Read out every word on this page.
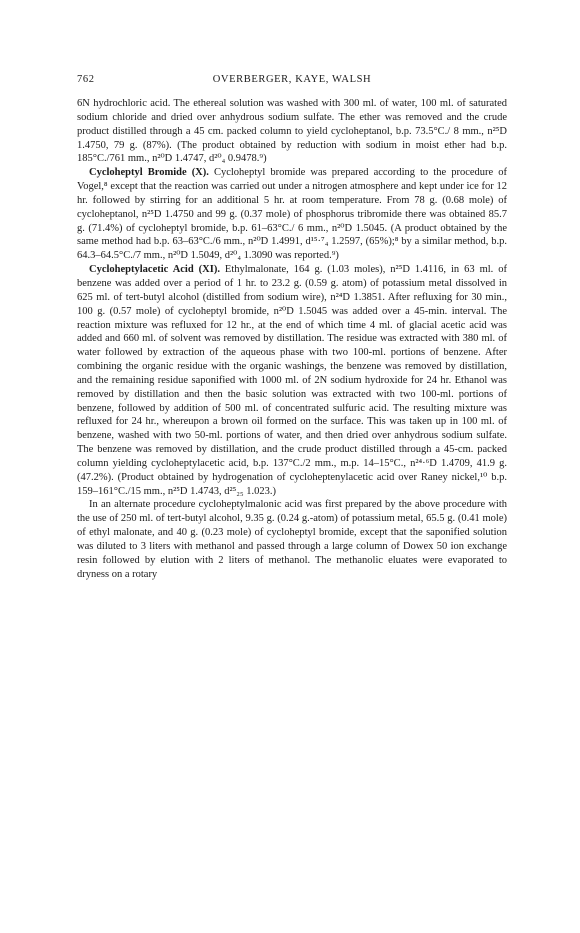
762	OVERBERGER, KAYE, WALSH

6N hydrochloric acid. The ethereal solution was washed with 300 ml. of water, 100 ml. of saturated sodium chloride and dried over anhydrous sodium sulfate. The ether was removed and the crude product distilled through a 45 cm. packed column to yield cycloheptanol, b.p. 73.5°C./ 8 mm., n²⁵D 1.4750, 79 g. (87%). (The product obtained by reduction with sodium in moist ether had b.p. 185°C./761 mm., n²⁰D 1.4747, d²⁰₄ 0.9478.⁹)

Cycloheptyl Bromide (X). Cycloheptyl bromide was prepared according to the procedure of Vogel,⁸ except that the reaction was carried out under a nitrogen atmosphere and kept under ice for 12 hr. followed by stirring for an additional 5 hr. at room temperature. From 78 g. (0.68 mole) of cycloheptanol, n²⁵D 1.4750 and 99 g. (0.37 mole) of phosphorus tribromide there was obtained 85.7 g. (71.4%) of cycloheptyl bromide, b.p. 61–63°C./ 6 mm., n²⁰D 1.5045. (A product obtained by the same method had b.p. 63–63°C./6 mm., n²⁰D 1.4991, d¹⁵·⁷₄ 1.2597, (65%);⁸ by a similar method, b.p. 64.3–64.5°C./7 mm., n²⁰D 1.5049, d²⁰₄ 1.3090 was reported.⁹)

Cycloheptylacetic Acid (XI). Ethylmalonate, 164 g. (1.03 moles), n²⁵D 1.4116, in 63 ml. of benzene was added over a period of 1 hr. to 23.2 g. (0.59 g. atom) of potassium metal dissolved in 625 ml. of tert-butyl alcohol (distilled from sodium wire), n²⁴D 1.3851. After refluxing for 30 min., 100 g. (0.57 mole) of cycloheptyl bromide, n²⁰D 1.5045 was added over a 45-min. interval. The reaction mixture was refluxed for 12 hr., at the end of which time 4 ml. of glacial acetic acid was added and 660 ml. of solvent was removed by distillation. The residue was extracted with 380 ml. of water followed by extraction of the aqueous phase with two 100-ml. portions of benzene. After combining the organic residue with the organic washings, the benzene was removed by distillation, and the remaining residue saponified with 1000 ml. of 2N sodium hydroxide for 24 hr. Ethanol was removed by distillation and then the basic solution was extracted with two 100-ml. portions of benzene, followed by addition of 500 ml. of concentrated sulfuric acid. The resulting mixture was refluxed for 24 hr., whereupon a brown oil formed on the surface. This was taken up in 100 ml. of benzene, washed with two 50-ml. portions of water, and then dried over anhydrous sodium sulfate. The benzene was removed by distillation, and the crude product distilled through a 45-cm. packed column yielding cycloheptylacetic acid, b.p. 137°C./2 mm., m.p. 14–15°C., n²⁴·⁶D 1.4709, 41.9 g. (47.2%). (Product obtained by hydrogenation of cycloheptenylacetic acid over Raney nickel,¹⁰ b.p. 159–161°C./15 mm., n²⁵D 1.4743, d²⁵₂₅ 1.023.)

In an alternate procedure cycloheptylmalonic acid was first prepared by the above procedure with the use of 250 ml. of tert-butyl alcohol, 9.35 g. (0.24 g.-atom) of potassium metal, 65.5 g. (0.41 mole) of ethyl malonate, and 40 g. (0.23 mole) of cycloheptyl bromide, except that the saponified solution was diluted to 3 liters with methanol and passed through a large column of Dowex 50 ion exchange resin followed by elution with 2 liters of methanol. The methanolic eluates were evaporated to dryness on a rotary
